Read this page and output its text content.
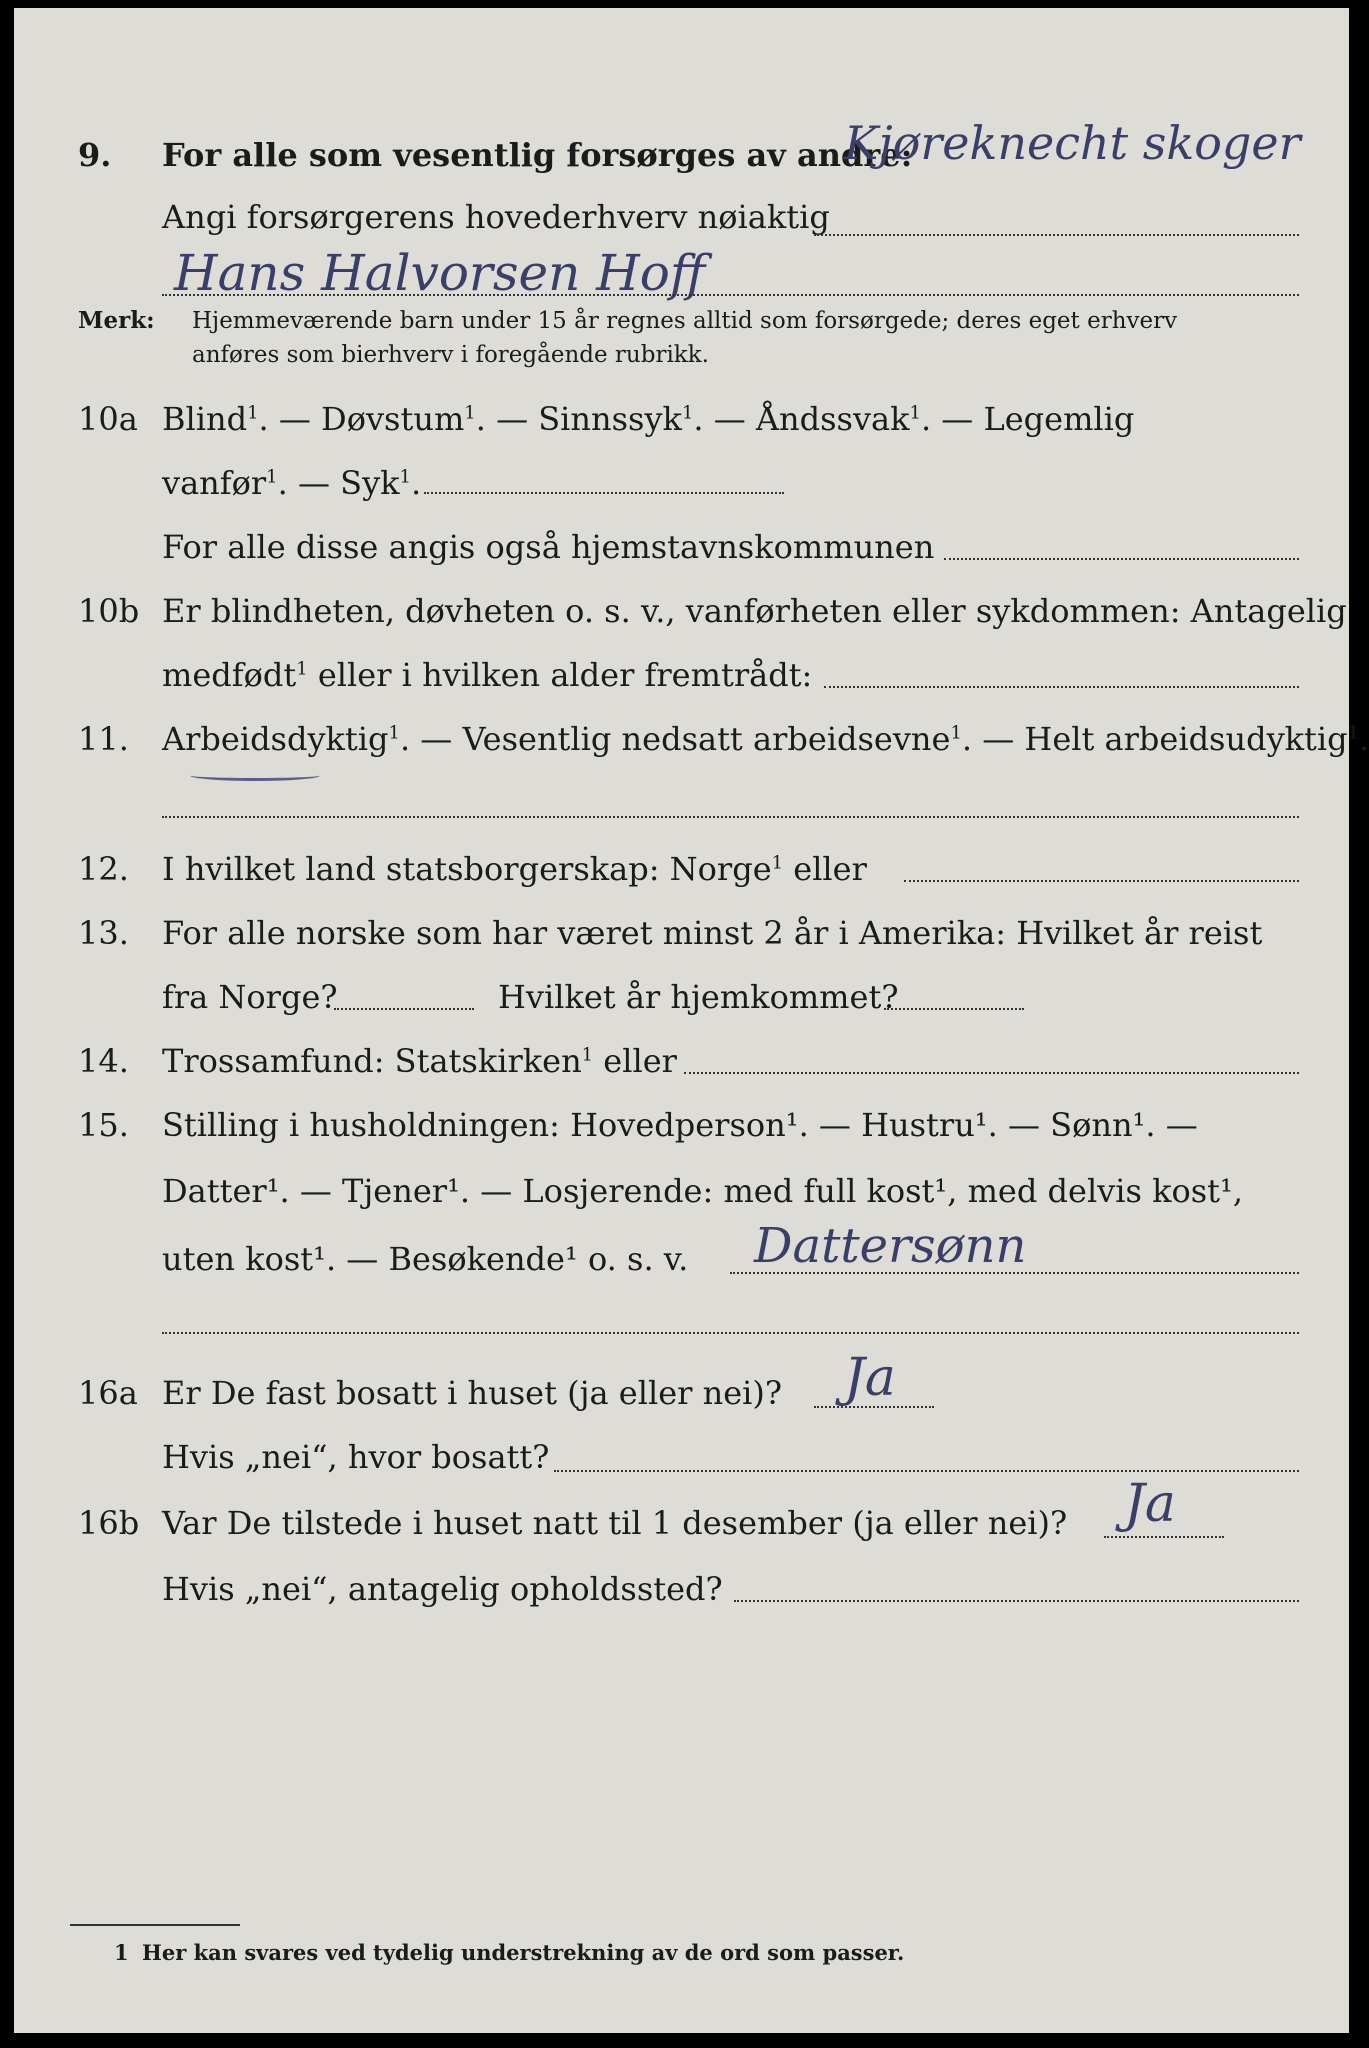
9. For alle som vesentlig forsørges av andre:
Kjøreknecht skoger
Angi forsørgerens hovederhverv nøiaktig
Hans Halvorsen Hoff
Merk: Hjemmeværende barn under 15 år regnes alltid som forsørgede; deres eget erhverv
anføres som bierhverv i foregående rubrikk.
10a Blind$^1$. — Døvstum$^1$. — Sinnssyk$^1$. — Åndssvak$^1$. — Legemlig
vanfør$^1$. — Syk$^1$.
For alle disse angis også hjemstavnskommunen
10b Er blindheten, døvheten o. s. v., vanførheten eller sykdommen: Antagelig
medfødt$^1$ eller i hvilken alder fremtrådt:
11. Arbeidsdyktig$^1$. — Vesentlig nedsatt arbeidsevne$^1$. — Helt arbeidsudyktig$^1$.
12. I hvilket land statsborgerskap: Norge$^1$ eller
13. For alle norske som har været minst 2 år i Amerika: Hvilket år reist
fra Norge?	Hvilket år hjemkommet?
14. Trossamfund: Statskirken$^1$ eller
15. Stilling i husholdningen: Hovedperson¹. — Hustru¹. — Sønn¹. —
Datter¹. — Tjener¹. — Losjerende: med full kost¹, med delvis kost¹,
uten kost¹. — Besøkende¹ o. s. v. Dattersønn
16a Er De fast bosatt i huset (ja eller nei)? Ja
Hvis „nei“, hvor bosatt?
16b Var De tilstede i huset natt til 1 desember (ja eller nei)? Ja
Hvis „nei“, antagelig opholdssted?
1 Her kan svares ved tydelig understrekning av de ord som passer.
